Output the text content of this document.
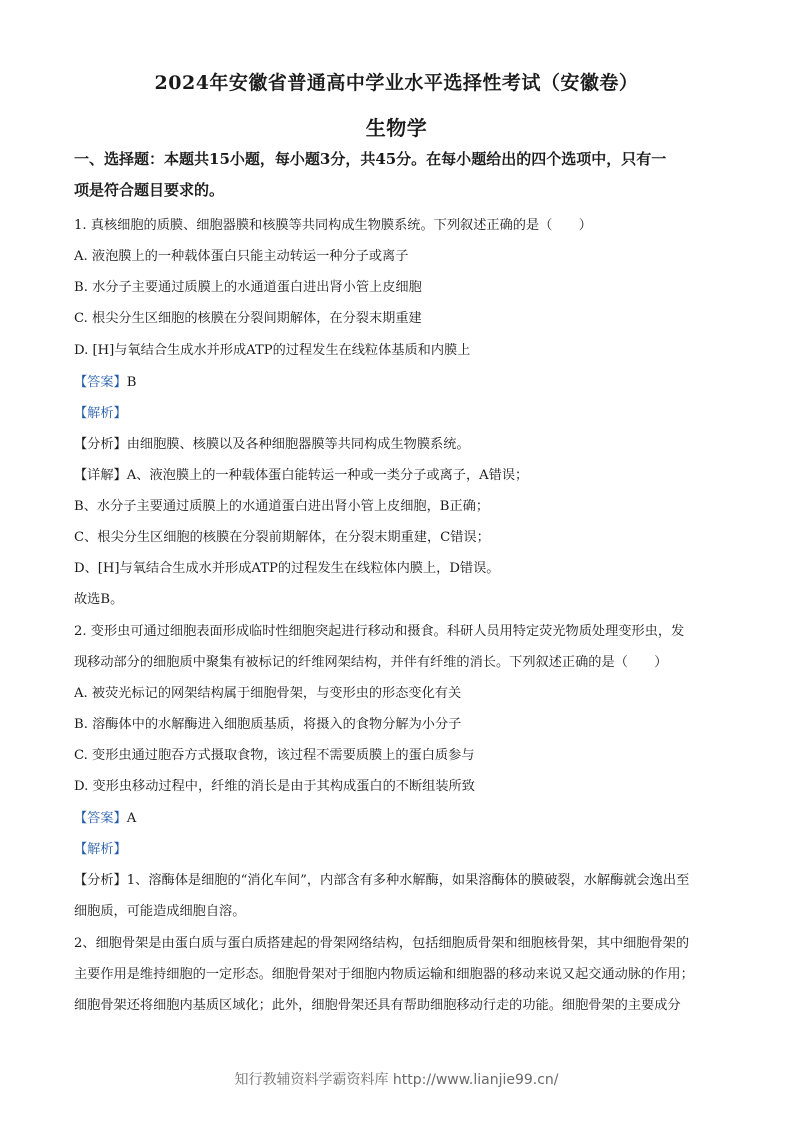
2024年安徽省普通高中学业水平选择性考试（安徽卷）
生物学
一、选择题：本题共15小题，每小题3分，共45分。在每小题给出的四个选项中，只有一
项是符合题目要求的。
1. 真核细胞的质膜、细胞器膜和核膜等共同构成生物膜系统。下列叙述正确的是（　　）
A. 液泡膜上的一种载体蛋白只能主动转运一种分子或离子
B. 水分子主要通过质膜上的水通道蛋白进出肾小管上皮细胞
C. 根尖分生区细胞的核膜在分裂间期解体，在分裂末期重建
D. [H]与氧结合生成水并形成ATP的过程发生在线粒体基质和内膜上
【答案】B
【解析】
【分析】由细胞膜、核膜以及各种细胞器膜等共同构成生物膜系统。
【详解】A、液泡膜上的一种载体蛋白能转运一种或一类分子或离子，A错误；
B、水分子主要通过质膜上的水通道蛋白进出肾小管上皮细胞，B正确；
C、根尖分生区细胞的核膜在分裂前期解体，在分裂末期重建，C错误；
D、[H]与氧结合生成水并形成ATP的过程发生在线粒体内膜上，D错误。
故选B。
2. 变形虫可通过细胞表面形成临时性细胞突起进行移动和摄食。科研人员用特定荧光物质处理变形虫，发
现移动部分的细胞质中聚集有被标记的纤维网架结构，并伴有纤维的消长。下列叙述正确的是（　　）
A. 被荧光标记的网架结构属于细胞骨架，与变形虫的形态变化有关
B. 溶酶体中的水解酶进入细胞质基质，将摄入的食物分解为小分子
C. 变形虫通过胞吞方式摄取食物，该过程不需要质膜上的蛋白质参与
D. 变形虫移动过程中，纤维的消长是由于其构成蛋白的不断组装所致
【答案】A
【解析】
【分析】1、溶酶体是细胞的“消化车间”，内部含有多种水解酶，如果溶酶体的膜破裂，水解酶就会逸出至
细胞质，可能造成细胞自溶。
2、细胞骨架是由蛋白质与蛋白质搭建起的骨架网络结构，包括细胞质骨架和细胞核骨架，其中细胞骨架的
主要作用是维持细胞的一定形态。细胞骨架对于细胞内物质运输和细胞器的移动来说又起交通动脉的作用；
细胞骨架还将细胞内基质区域化；此外，细胞骨架还具有帮助细胞移动行走的功能。细胞骨架的主要成分
知行教辅资料学霸资料库 http://www.lianjie99.cn/
